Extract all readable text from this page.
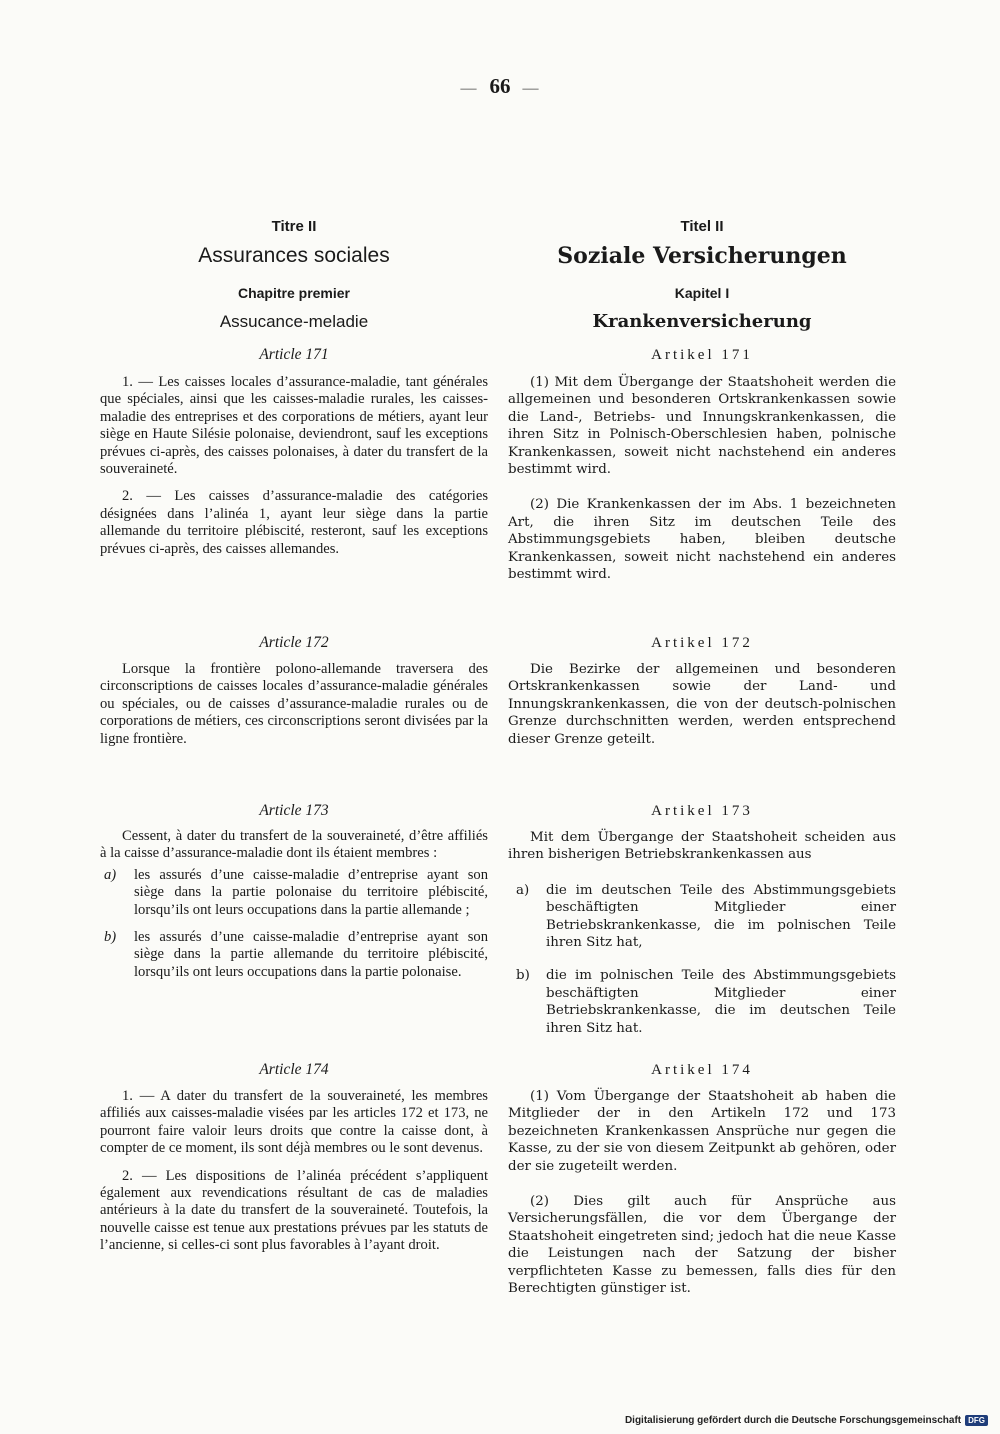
— 66 —
Titre II
Assurances sociales
Chapitre premier
Assucance-meladie
Article 171

1. — Les caisses locales d’assurance-maladie, tant générales que spéciales, ainsi que les caisses-maladie rurales, les caisses-maladie des entreprises et des corporations de métiers, ayant leur siège en Haute Silésie polonaise, deviendront, sauf les exceptions prévues ci-après, des caisses polonaises, à dater du transfert de la souveraineté.

2. — Les caisses d’assurance-maladie des catégories désignées dans l’alinéa 1, ayant leur siège dans la partie allemande du territoire plébiscité, resteront, sauf les exceptions prévues ci-après, des caisses allemandes.

Article 172

Lorsque la frontière polono-allemande traversera des circonscriptions de caisses locales d’assurance-maladie générales ou spéciales, ou de caisses d’assurance-maladie rurales ou de corporations de métiers, ces circonscriptions seront divisées par la ligne frontière.

Article 173

Cessent, à dater du transfert de la souveraineté, d’être affiliés à la caisse d’assurance-maladie dont ils étaient membres :

a)	les assurés d’une caisse-maladie d’entreprise ayant son siège dans la partie polonaise du territoire plébiscité, lorsqu’ils ont leurs occupations dans la partie allemande ;
b)	les assurés d’une caisse-maladie d’entreprise ayant son siège dans la partie allemande du territoire plébiscité, lorsqu’ils ont leurs occupations dans la partie polonaise.
Article 174

1. — A dater du transfert de la souveraineté, les membres affiliés aux caisses-maladie visées par les articles 172 et 173, ne pourront faire valoir leurs droits que contre la caisse dont, à compter de ce moment, ils sont déjà membres ou le sont devenus.

2. — Les dispositions de l’alinéa précédent s’appliquent également aux revendications résultant de cas de maladies antérieurs à la date du transfert de la souveraineté. Toutefois, la nouvelle caisse est tenue aux prestations prévues par les statuts de l’ancienne, si celles-ci sont plus favorables à l’ayant droit.

Titel II
Soziale Versicherungen
Kapitel I
Krankenversicherung
Artikel 171

(1) Mit dem Übergange der Staatshoheit werden die allgemeinen und besonderen Ortskrankenkassen sowie die Land-, Betriebs- und Innungskrankenkassen, die ihren Sitz in Polnisch-Oberschlesien haben, polnische Krankenkassen, soweit nicht nachstehend ein anderes bestimmt wird.

(2) Die Krankenkassen der im Abs. 1 bezeichneten Art, die ihren Sitz im deutschen Teile des Abstimmungsgebiets haben, bleiben deutsche Krankenkassen, soweit nicht nachstehend ein anderes bestimmt wird.

Artikel 172

Die Bezirke der allgemeinen und besonderen Ortskrankenkassen sowie der Land- und Innungskrankenkassen, die von der deutsch-polnischen Grenze durchschnitten werden, werden entsprechend dieser Grenze geteilt.

Artikel 173

Mit dem Übergange der Staatshoheit scheiden aus ihren bisherigen Betriebskrankenkassen aus

a)	die im deutschen Teile des Abstimmungsgebiets beschäftigten Mitglieder einer Betriebskrankenkasse, die im polnischen Teile ihren Sitz hat,
b)	die im polnischen Teile des Abstimmungsgebiets beschäftigten Mitglieder einer Betriebskrankenkasse, die im deutschen Teile ihren Sitz hat.
Artikel 174

(1) Vom Übergange der Staatshoheit ab haben die Mitglieder der in den Artikeln 172 und 173 bezeichneten Krankenkassen Ansprüche nur gegen die Kasse, zu der sie von diesem Zeitpunkt ab gehören, oder der sie zugeteilt werden.

(2) Dies gilt auch für Ansprüche aus Versicherungsfällen, die vor dem Übergange der Staatshoheit eingetreten sind; jedoch hat die neue Kasse die Leistungen nach der Satzung der bisher verpflichteten Kasse zu bemessen, falls dies für den Berechtigten günstiger ist.

Digitalisierung gefördert durch die Deutsche Forschungsgemeinschaft DFG
